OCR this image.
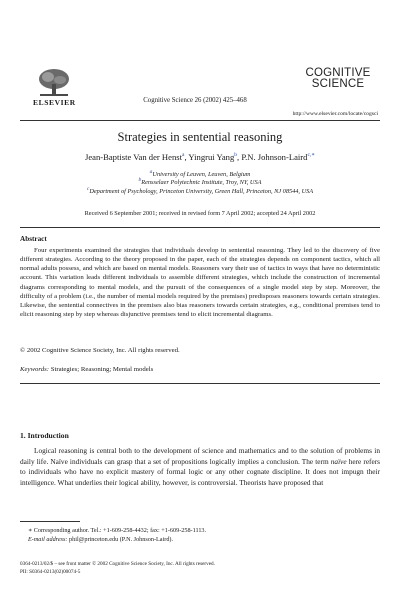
ELSEVIER	Cognitive Science 26 (2002) 425–468
COGNITIVE
SCIENCE
http://www.elsevier.com/locate/cogsci
Strategies in sentential reasoning
Jean-Baptiste Van der Henst$^a$, Yingrui Yang$^b$, P.N. Johnson-Laird$^{c,∗}$
aUniversity of Leuven, Leuven, Belgium
bRensselaer Polytechnic Institute, Troy, NY, USA
cDepartment of Psychology, Princeton University, Green Hall, Princeton, NJ 08544, USA
Received 6 September 2001; received in revised form 7 April 2002; accepted 24 April 2002
Abstract
Four experiments examined the strategies that individuals develop in sentential reasoning. They led to the discovery of five different strategies. According to the theory proposed in the paper, each of the strategies depends on component tactics, which all normal adults possess, and which are based on mental models. Reasoners vary their use of tactics in ways that have no deterministic account. This variation leads different individuals to assemble different strategies, which include the construction of incremental diagrams corresponding to mental models, and the pursuit of the consequences of a single model step by step. Moreover, the difficulty of a problem (i.e., the number of mental models required by the premises) predisposes reasoners towards certain strategies. Likewise, the sentential connectives in the premises also bias reasoners towards certain strategies, e.g., conditional premises tend to elicit reasoning step by step whereas disjunctive premises tend to elicit incremental diagrams.
© 2002 Cognitive Science Society, Inc. All rights reserved.
Keywords: Strategies; Reasoning; Mental models
1. Introduction
Logical reasoning is central both to the development of science and mathematics and to the solution of problems in daily life. Naïve individuals can grasp that a set of propositions logically implies a conclusion. The term naïve here refers to individuals who have no explicit mastery of formal logic or any other cognate discipline. It does not impugn their intelligence. What underlies their logical ability, however, is controversial. Theorists have proposed that
∗ Corresponding author. Tel.: +1-609-258-4432; fax: +1-609-258-1113.
E-mail address: phil@princeton.edu (P.N. Johnson-Laird).
0364-0213/02/$ – see front matter © 2002 Cognitive Science Society, Inc. All rights reserved.
PII: S0364-0213(02)00074-5
